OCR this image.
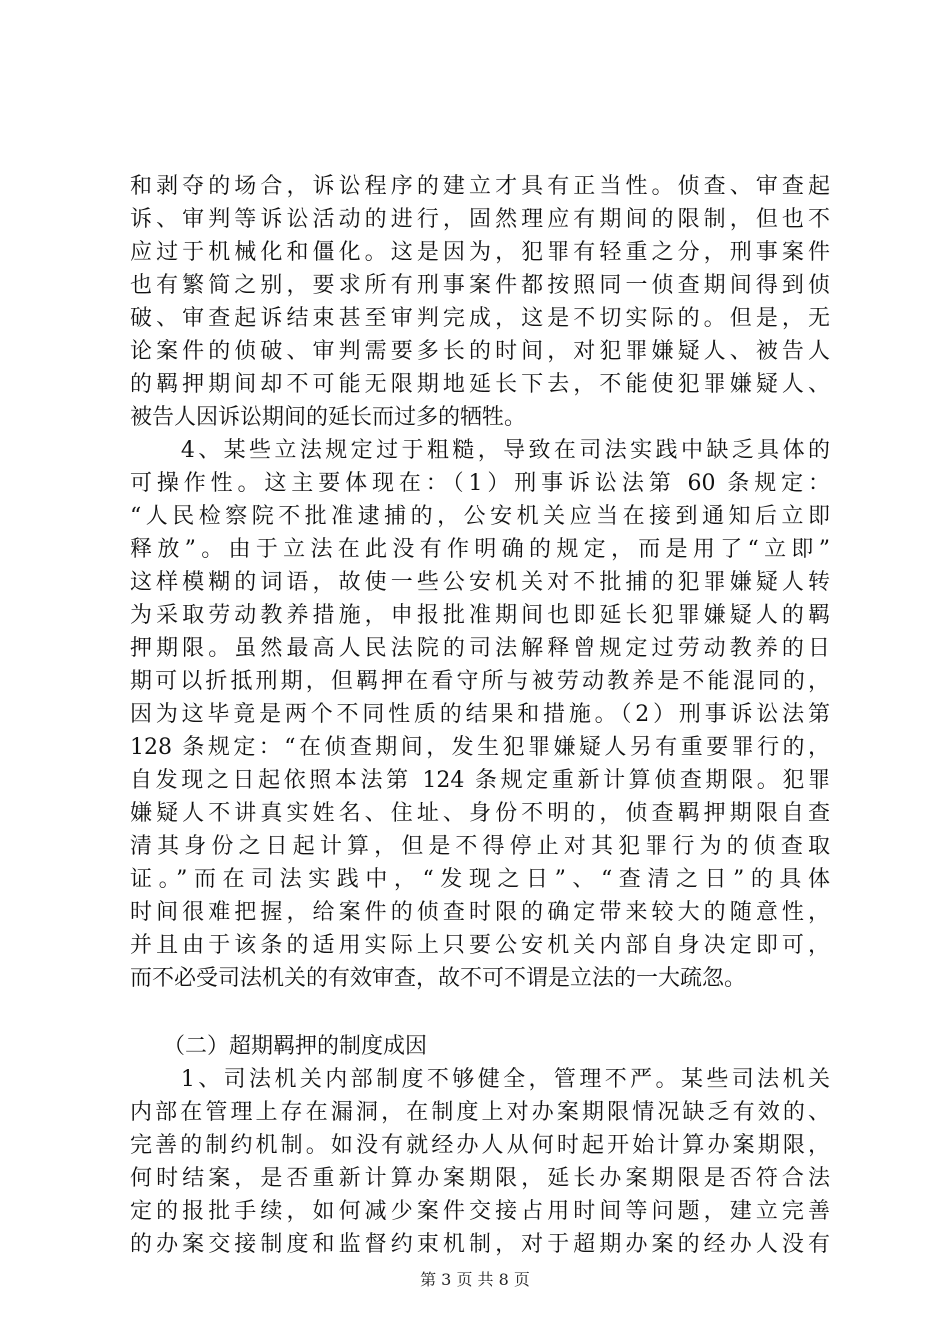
和剥夺的场合，诉讼程序的建立才具有正当性。侦查、审查起
诉、审判等诉讼活动的进行，固然理应有期间的限制，但也不
应过于机械化和僵化。这是因为，犯罪有轻重之分，刑事案件
也有繁简之别，要求所有刑事案件都按照同一侦查期间得到侦
破、审查起诉结束甚至审判完成，这是不切实际的。但是，无
论案件的侦破、审判需要多长的时间，对犯罪嫌疑人、被告人
的羁押期间却不可能无限期地延长下去，不能使犯罪嫌疑人、
被告人因诉讼期间的延长而过多的牺牲。
　　4、某些立法规定过于粗糙，导致在司法实践中缺乏具体的
可操作性。这主要体现在：（1）刑事诉讼法第 60 条规定：
“人民检察院不批准逮捕的，公安机关应当在接到通知后立即
释放”。由于立法在此没有作明确的规定，而是用了“立即”
这样模糊的词语，故使一些公安机关对不批捕的犯罪嫌疑人转
为采取劳动教养措施，申报批准期间也即延长犯罪嫌疑人的羁
押期限。虽然最高人民法院的司法解释曾规定过劳动教养的日
期可以折抵刑期，但羁押在看守所与被劳动教养是不能混同的，
因为这毕竟是两个不同性质的结果和措施。（2）刑事诉讼法第
128 条规定：“在侦查期间，发生犯罪嫌疑人另有重要罪行的，
自发现之日起依照本法第 124 条规定重新计算侦查期限。犯罪
嫌疑人不讲真实姓名、住址、身份不明的，侦查羁押期限自查
清其身份之日起计算，但是不得停止对其犯罪行为的侦查取
证。”而在司法实践中，“发现之日”、“查清之日”的具体
时间很难把握，给案件的侦查时限的确定带来较大的随意性，
并且由于该条的适用实际上只要公安机关内部自身决定即可，
而不必受司法机关的有效审查，故不可不谓是立法的一大疏忽。
　　（二）超期羁押的制度成因
　　1、司法机关内部制度不够健全，管理不严。某些司法机关
内部在管理上存在漏洞，在制度上对办案期限情况缺乏有效的、
完善的制约机制。如没有就经办人从何时起开始计算办案期限，
何时结案，是否重新计算办案期限，延长办案期限是否符合法
定的报批手续，如何减少案件交接占用时间等问题，建立完善
的办案交接制度和监督约束机制，对于超期办案的经办人没有
第 3 页 共 8 页
